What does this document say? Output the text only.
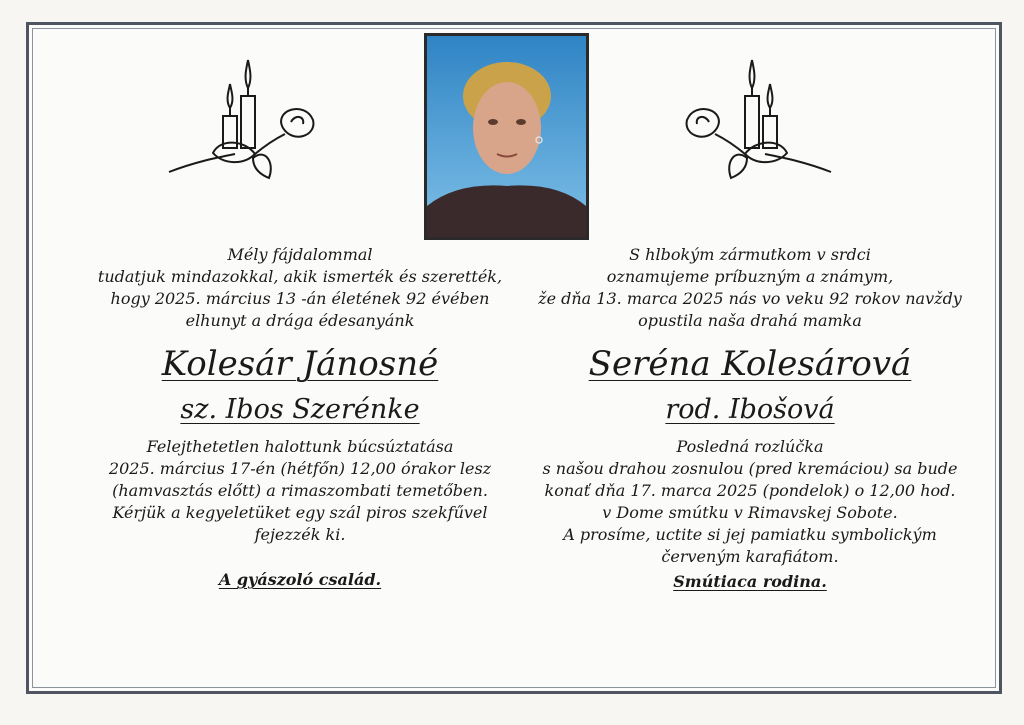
Mély fájdalommal

tudatjuk mindazokkal, akik ismerték és szerették,

hogy 2025. március 13 -án életének 92 évében

elhunyt a drága édesanyánk

Kolesár Jánosné

sz. Ibos Szerénke

Felejthetetlen halottunk búcsúztatása

2025. március 17-én (hétfőn) 12,00 órakor lesz

(hamvasztás előtt) a rimaszombati temetőben.

Kérjük a kegyeletüket egy szál piros szekfűvel

fejezzék ki.

A gyászoló család.

S hlbokým zármutkom v srdci

oznamujeme príbuzným a známym,

že dňa 13. marca 2025 nás vo veku 92 rokov navždy

opustila naša drahá mamka

Seréna Kolesárová

rod. Ibošová

Posledná rozlúčka

s našou drahou zosnulou (pred kremáciou) sa bude

konať dňa 17. marca 2025 (pondelok) o 12,00 hod.

v Dome smútku v Rimavskej Sobote.

A prosíme, uctite si jej pamiatku symbolickým

červeným karafiátom.

Smútiaca rodina.
